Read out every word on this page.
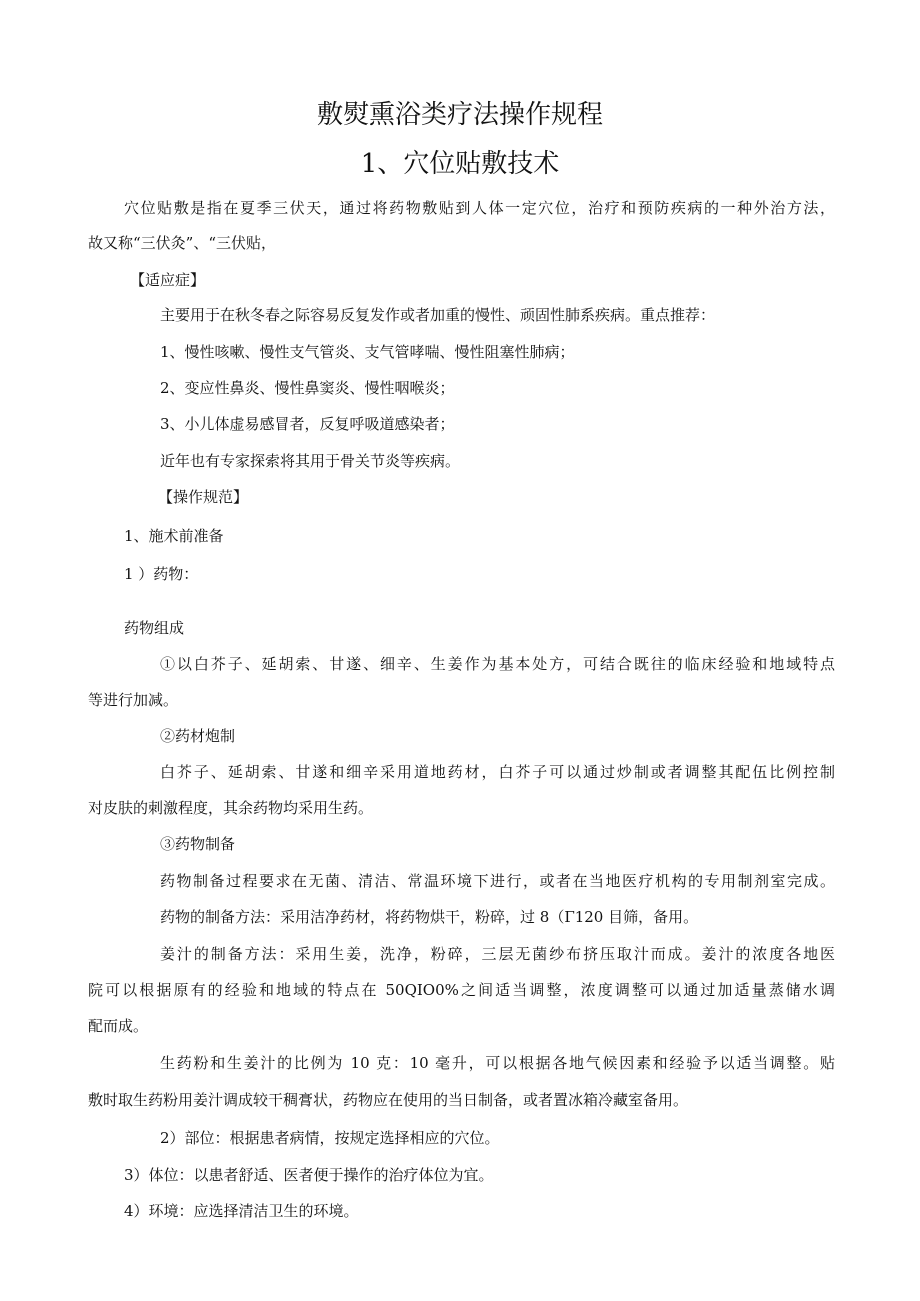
敷熨熏浴类疗法操作规程
1、穴位贴敷技术

穴位贴敷是指在夏季三伏天，通过将药物敷贴到人体一定穴位，治疗和预防疾病的一种外治方法，

故又称“三伏灸”、“三伏贴，

【适应症】

主要用于在秋冬春之际容易反复发作或者加重的慢性、顽固性肺系疾病。重点推荐：

1、慢性咳嗽、慢性支气管炎、支气管哮喘、慢性阻塞性肺病；

2、变应性鼻炎、慢性鼻窦炎、慢性咽喉炎；

3、小儿体虚易感冒者，反复呼吸道感染者；

近年也有专家探索将其用于骨关节炎等疾病。

【操作规范】

1、施术前准备

1 ）药物：

药物组成

①以白芥子、延胡索、甘遂、细辛、生姜作为基本处方，可结合既往的临床经验和地域特点

等进行加减。

②药材炮制

白芥子、延胡索、甘遂和细辛采用道地药材，白芥子可以通过炒制或者调整其配伍比例控制

对皮肤的刺激程度，其余药物均采用生药。

③药物制备

药物制备过程要求在无菌、清洁、常温环境下进行，或者在当地医疗机构的专用制剂室完成。

药物的制备方法：采用洁净药材，将药物烘干，粉碎，过 8（Γ120 目筛，备用。

姜汁的制备方法：采用生姜，洗净，粉碎，三层无菌纱布挤压取汁而成。姜汁的浓度各地医

院可以根据原有的经验和地域的特点在 50QIO0%之间适当调整，浓度调整可以通过加适量蒸储水调

配而成。

生药粉和生姜汁的比例为 10 克：10 毫升，可以根据各地气候因素和经验予以适当调整。贴

敷时取生药粉用姜汁调成较干稠膏状，药物应在使用的当日制备，或者置冰箱冷藏室备用。

2）部位：根据患者病情，按规定选择相应的穴位。

3）体位：以患者舒适、医者便于操作的治疗体位为宜。

4）环境：应选择清洁卫生的环境。
